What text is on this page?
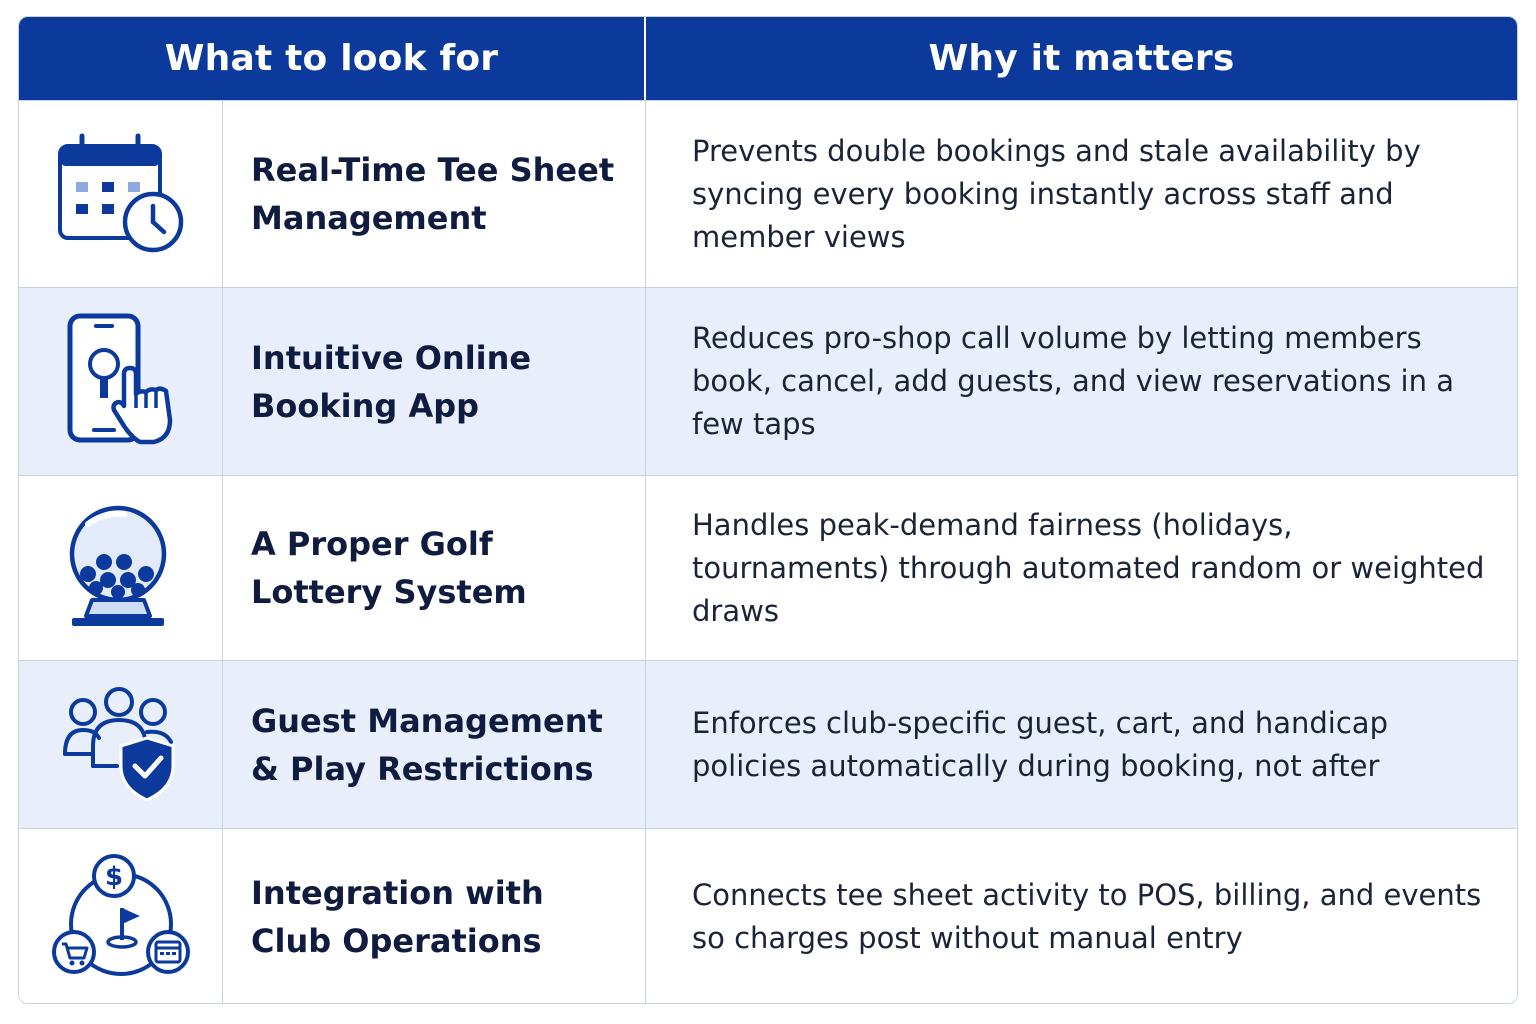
What to look for	Why it matters
Real-Time Tee Sheet Management
Prevents double bookings and stale availability by syncing every booking instantly across staff and member views
Intuitive Online Booking App
Reduces pro-shop call volume by letting members book, cancel, add guests, and view reservations in a few taps
A Proper Golf Lottery System
Handles peak-demand fairness (holidays, tournaments) through automated random or weighted draws
Guest Management & Play Restrictions
Enforces club-specific guest, cart, and handicap policies automatically during booking, not after
$	Integration with Club Operations
Connects tee sheet activity to POS, billing, and events so charges post without manual entry
